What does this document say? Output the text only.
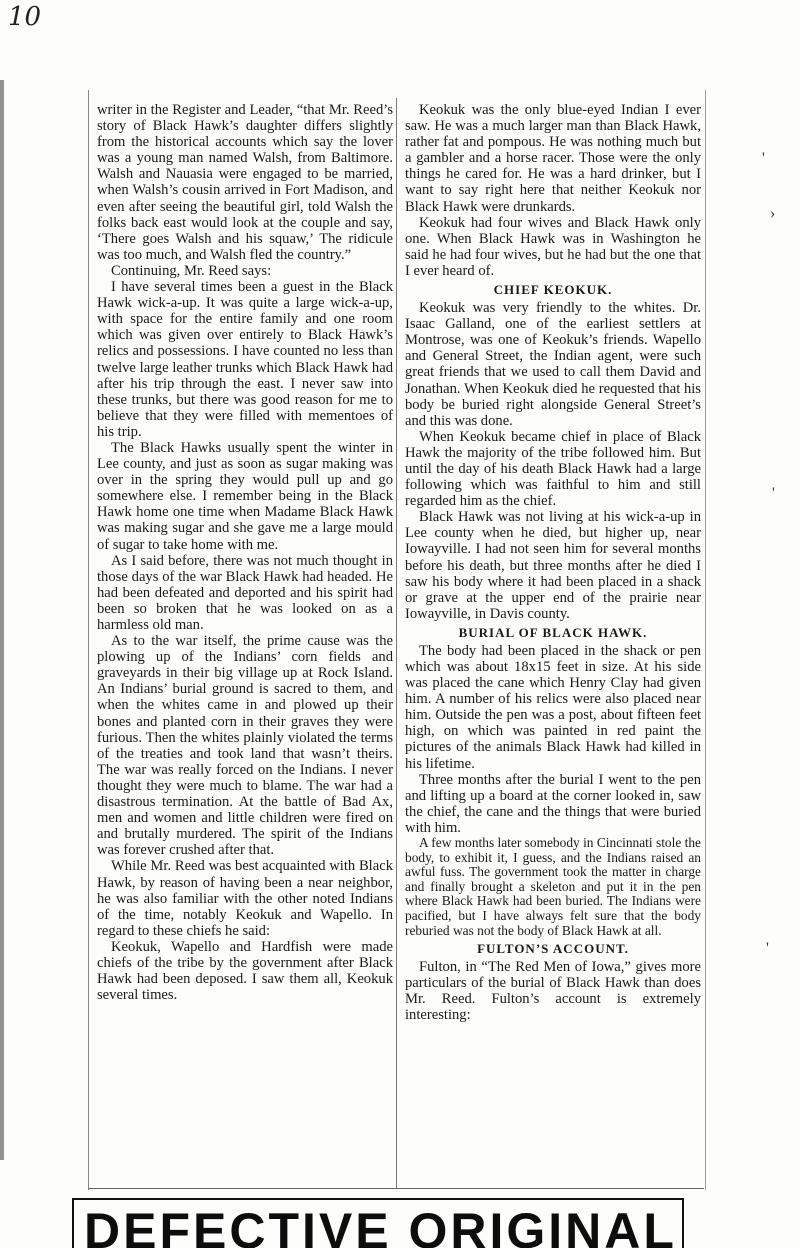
10
'
›
'
'

writer in the Register and Leader, “that Mr. Reed’s story of Black Hawk’s daughter differs slightly from the historical accounts which say the lover was a young man named Walsh, from Baltimore. Walsh and Nauasia were engaged to be married, when Walsh’s cousin arrived in Fort Madison, and even after seeing the beautiful girl, told Walsh the folks back east would look at the couple and say, ‘There goes Walsh and his squaw,’ The ridicule was too much, and Walsh fled the country.”

Continuing, Mr. Reed says:

I have several times been a guest in the Black Hawk wick-a-up. It was quite a large wick-a-up, with space for the entire family and one room which was given over entirely to Black Hawk’s relics and possessions. I have counted no less than twelve large leather trunks which Black Hawk had after his trip through the east. I never saw into these trunks, but there was good reason for me to believe that they were filled with mementoes of his trip.

The Black Hawks usually spent the winter in Lee county, and just as soon as sugar making was over in the spring they would pull up and go somewhere else. I remember being in the Black Hawk home one time when Madame Black Hawk was making sugar and she gave me a large mould of sugar to take home with me.

As I said before, there was not much thought in those days of the war Black Hawk had headed. He had been defeated and deported and his spirit had been so broken that he was looked on as a harmless old man.

As to the war itself, the prime cause was the plowing up of the Indians’ corn fields and graveyards in their big village up at Rock Island. An Indians’ burial ground is sacred to them, and when the whites came in and plowed up their bones and planted corn in their graves they were furious. Then the whites plainly violated the terms of the treaties and took land that wasn’t theirs. The war was really forced on the Indians. I never thought they were much to blame. The war had a disastrous termination. At the battle of Bad Ax, men and women and little children were fired on and brutally murdered. The spirit of the Indians was forever crushed after that.

While Mr. Reed was best acquainted with Black Hawk, by reason of having been a near neighbor, he was also familiar with the other noted Indians of the time, notably Keokuk and Wapello. In regard to these chiefs he said:

Keokuk, Wapello and Hardfish were made chiefs of the tribe by the government after Black Hawk had been deposed. I saw them all, Keokuk several times.

Keokuk was the only blue-eyed Indian I ever saw. He was a much larger man than Black Hawk, rather fat and pompous. He was nothing much but a gambler and a horse racer. Those were the only things he cared for. He was a hard drinker, but I want to say right here that neither Keokuk nor Black Hawk were drunkards.

Keokuk had four wives and Black Hawk only one. When Black Hawk was in Washington he said he had four wives, but he had but the one that I ever heard of.

CHIEF KEOKUK.

Keokuk was very friendly to the whites. Dr. Isaac Galland, one of the earliest settlers at Montrose, was one of Keokuk’s friends. Wapello and General Street, the Indian agent, were such great friends that we used to call them David and Jonathan. When Keokuk died he requested that his body be buried right alongside General Street’s and this was done.

When Keokuk became chief in place of Black Hawk the majority of the tribe followed him. But until the day of his death Black Hawk had a large following which was faithful to him and still regarded him as the chief.

Black Hawk was not living at his wick-a-up in Lee county when he died, but higher up, near Iowayville. I had not seen him for several months before his death, but three months after he died I saw his body where it had been placed in a shack or grave at the upper end of the prairie near Iowayville, in Davis county.

BURIAL OF BLACK HAWK.

The body had been placed in the shack or pen which was about 18x15 feet in size. At his side was placed the cane which Henry Clay had given him. A number of his relics were also placed near him. Outside the pen was a post, about fifteen feet high, on which was painted in red paint the pictures of the animals Black Hawk had killed in his lifetime.

Three months after the burial I went to the pen and lifting up a board at the corner looked in, saw the chief, the cane and the things that were buried with him.

A few months later somebody in Cincinnati stole the body, to exhibit it, I guess, and the Indians raised an awful fuss. The government took the matter in charge and finally brought a skeleton and put it in the pen where Black Hawk had been buried. The Indians were pacified, but I have always felt sure that the body reburied was not the body of Black Hawk at all.

FULTON’S ACCOUNT.

Fulton, in “The Red Men of Iowa,” gives more particulars of the burial of Black Hawk than does Mr. Reed. Fulton’s account is extremely interesting:

DEFECTIVE ORIGINAL
